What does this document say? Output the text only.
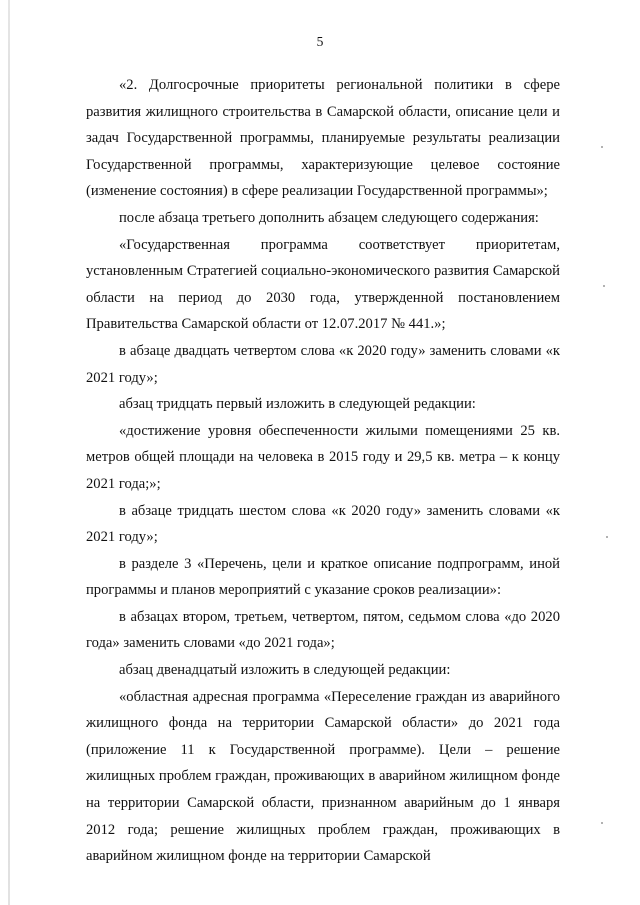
5

«2. Долгосрочные приоритеты региональной политики в сфере развития жилищного строительства в Самарской области, описание цели и задач Государственной программы, планируемые результаты реализации Государственной программы, характеризующие целевое состояние (изменение состояния) в сфере реализации Государственной программы»;

после абзаца третьего дополнить абзацем следующего содержания:

«Государственная программа соответствует приоритетам, установленным Стратегией социально-экономического развития Самарской области на период до 2030 года, утвержденной постановлением Правительства Самарской области от 12.07.2017 № 441.»;

в абзаце двадцать четвертом слова «к 2020 году» заменить словами «к 2021 году»;

абзац тридцать первый изложить в следующей редакции:

«достижение уровня обеспеченности жилыми помещениями 25 кв. метров общей площади на человека в 2015 году и 29,5 кв. метра – к концу 2021 года;»;

в абзаце тридцать шестом слова «к 2020 году» заменить словами «к 2021 году»;

в разделе 3 «Перечень, цели и краткое описание подпрограмм, иной программы и планов мероприятий с указание сроков реализации»:

в абзацах втором, третьем, четвертом, пятом, седьмом слова «до 2020 года» заменить словами «до 2021 года»;

абзац двенадцатый изложить в следующей редакции:

«областная адресная программа «Переселение граждан из аварийного жилищного фонда на территории Самарской области» до 2021 года (приложение 11 к Государственной программе). Цели – решение жилищных проблем граждан, проживающих в аварийном жилищном фонде на территории Самарской области, признанном аварийным до 1 января 2012 года; решение жилищных проблем граждан, проживающих в аварийном жилищном фонде на территории Самарской
